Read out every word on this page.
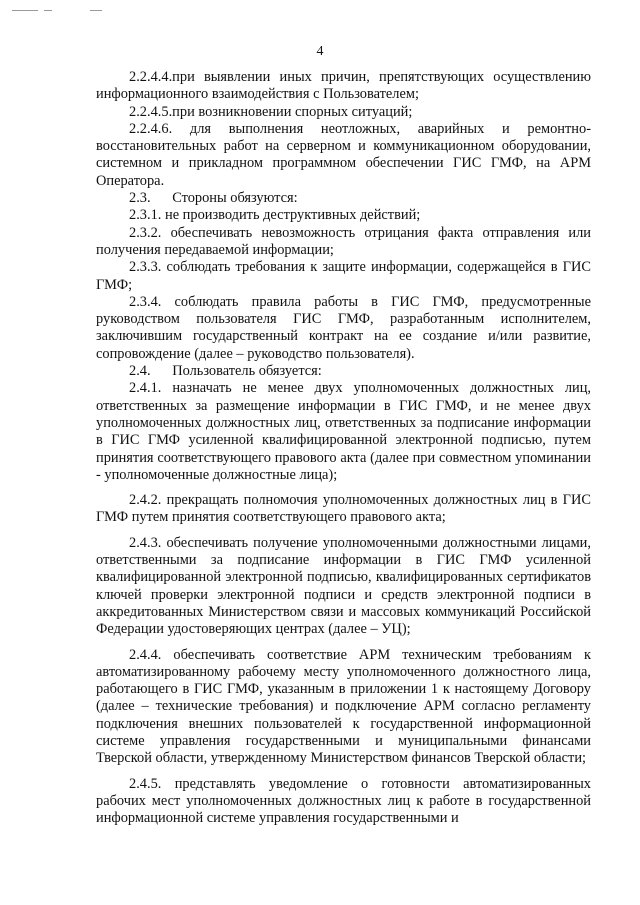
4

2.2.4.4.при выявлении иных причин, препятствующих осуществлению информационного взаимодействия с Пользователем;

2.2.4.5.при возникновении спорных ситуаций;

2.2.4.6. для выполнения неотложных, аварийных и ремонтно-восстановительных работ на серверном и коммуникационном оборудовании, системном и прикладном программном обеспечении ГИС ГМФ, на АРМ Оператора.

2.3. Стороны обязуются:

2.3.1. не производить деструктивных действий;

2.3.2. обеспечивать невозможность отрицания факта отправления или получения передаваемой информации;

2.3.3. соблюдать требования к защите информации, содержащейся в ГИС ГМФ;

2.3.4. соблюдать правила работы в ГИС ГМФ, предусмотренные руководством пользователя ГИС ГМФ, разработанным исполнителем, заключившим государственный контракт на ее создание и/или развитие, сопровождение (далее – руководство пользователя).

2.4. Пользователь обязуется:

2.4.1. назначать не менее двух уполномоченных должностных лиц, ответственных за размещение информации в ГИС ГМФ, и не менее двух уполномоченных должностных лиц, ответственных за подписание информации в ГИС ГМФ усиленной квалифицированной электронной подписью, путем принятия соответствующего правового акта (далее при совместном упоминании - уполномоченные должностные лица);

2.4.2. прекращать полномочия уполномоченных должностных лиц в ГИС ГМФ путем принятия соответствующего правового акта;

2.4.3. обеспечивать получение уполномоченными должностными лицами, ответственными за подписание информации в ГИС ГМФ усиленной квалифицированной электронной подписью, квалифицированных сертификатов ключей проверки электронной подписи и средств электронной подписи в аккредитованных Министерством связи и массовых коммуникаций Российской Федерации удостоверяющих центрах (далее – УЦ);

2.4.4. обеспечивать соответствие АРМ техническим требованиям к автоматизированному рабочему месту уполномоченного должностного лица, работающего в ГИС ГМФ, указанным в приложении 1 к настоящему Договору (далее – технические требования) и подключение АРМ согласно регламенту подключения внешних пользователей к государственной информационной системе управления государственными и муниципальными финансами Тверской области, утвержденному Министерством финансов Тверской области;

2.4.5. представлять уведомление о готовности автоматизированных рабочих мест уполномоченных должностных лиц к работе в государственной информационной системе управления государственными и
